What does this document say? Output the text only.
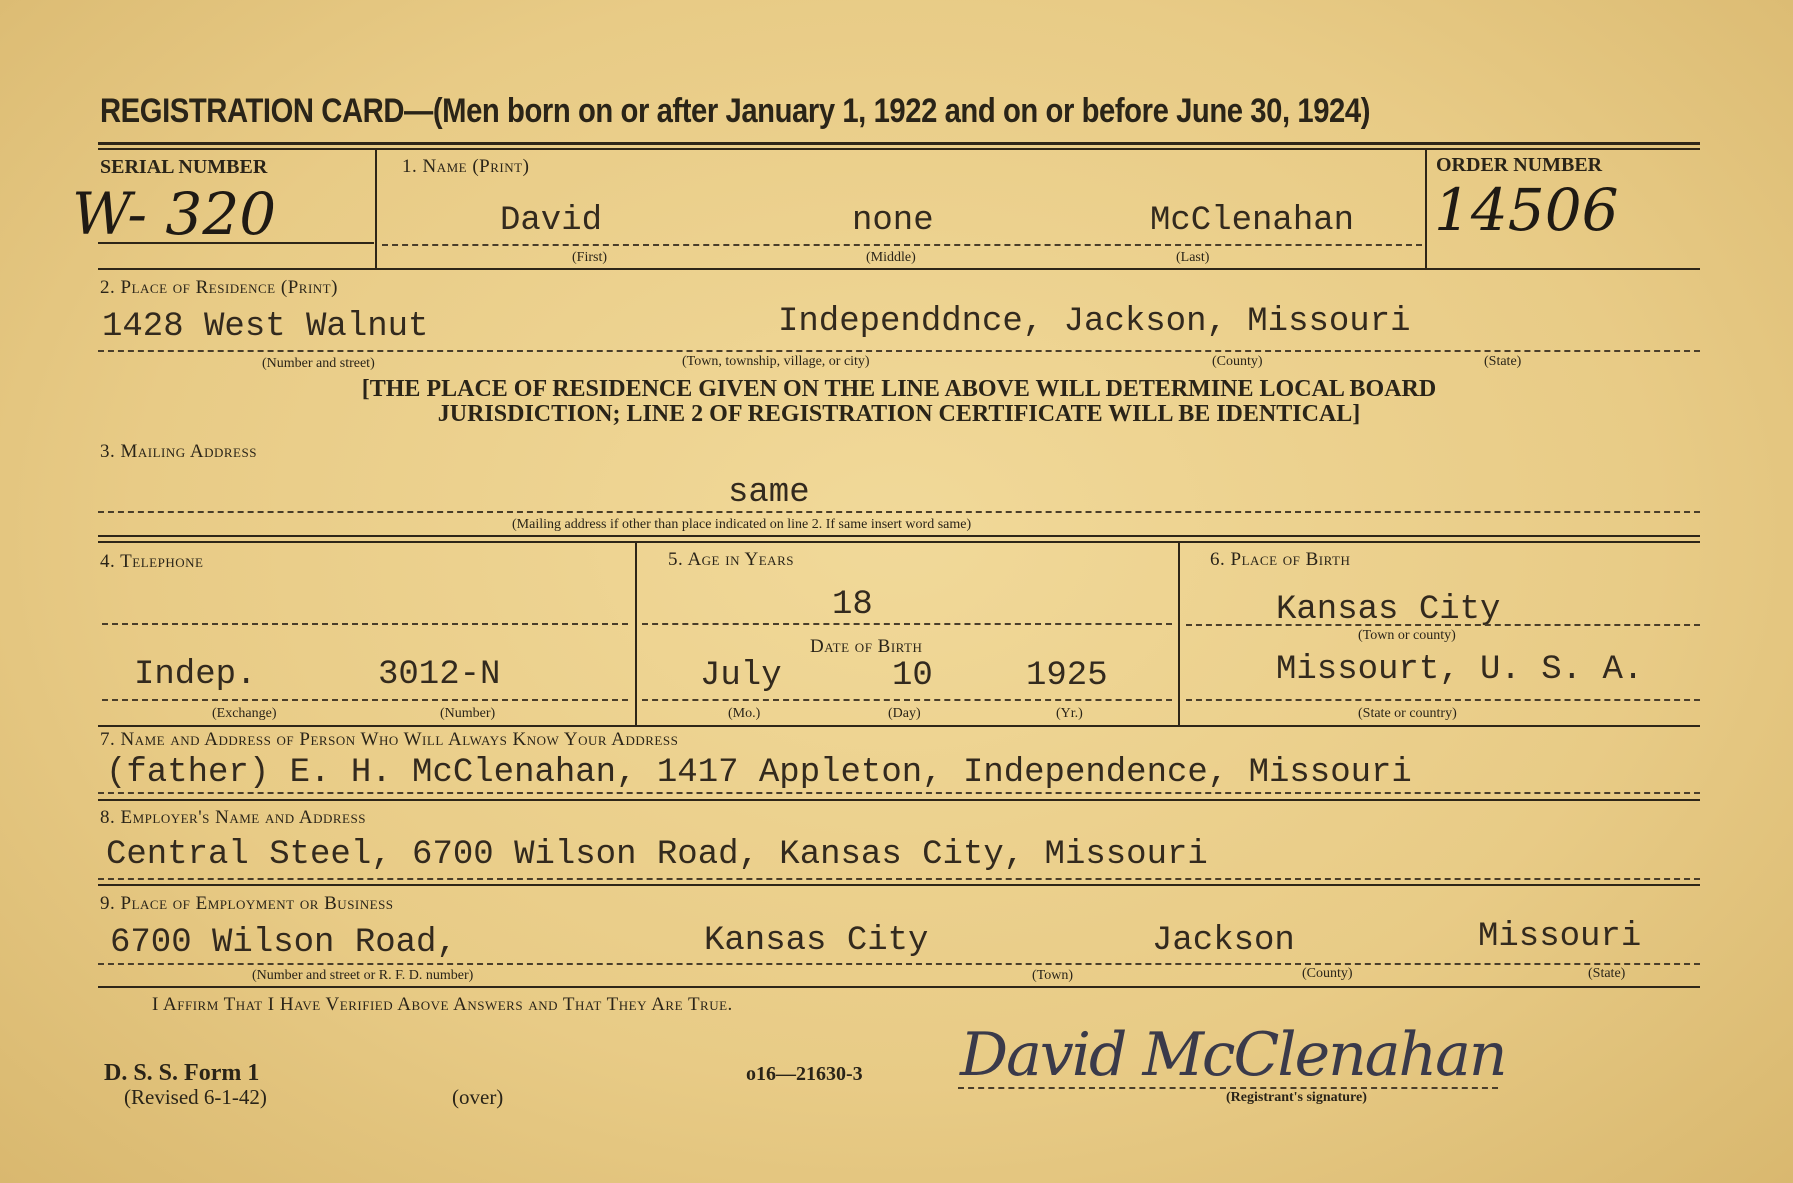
REGISTRATION CARD—(Men born on or after January 1, 1922 and on or before June 30, 1924)
SERIAL NUMBER
W- 320
1. Name (Print)
David	none	McClenahan
(First)	(Middle)	(Last)
ORDER NUMBER
14506
2. Place of Residence (Print)
1428 West Walnut	Independdnce, Jackson, Missouri
(Number and street)	(Town, township, village, or city)	(County)	(State)
[THE PLACE OF RESIDENCE GIVEN ON THE LINE ABOVE WILL DETERMINE LOCAL BOARD
JURISDICTION; LINE 2 OF REGISTRATION CERTIFICATE WILL BE IDENTICAL]
3. Mailing Address
same
(Mailing address if other than place indicated on line 2. If same insert word same)
4. Telephone
Indep.	3012-N
(Exchange)	(Number)
5. Age in Years
18
Date of Birth
July	10	1925
(Mo.)	(Day)	(Yr.)
6. Place of Birth
Kansas City
(Town or county)
Missourt, U. S. A.
(State or country)
7. Name and Address of Person Who Will Always Know Your Address
(father) E. H. McClenahan, 1417 Appleton, Independence, Missouri
8. Employer's Name and Address
Central Steel, 6700 Wilson Road, Kansas City, Missouri
9. Place of Employment or Business
6700 Wilson Road,	Kansas City	Jackson	Missouri
(Number and street or R. F. D. number)	(Town)	(County)	(State)
I Affirm That I Have Verified Above Answers and That They Are True.
D. S. S. Form 1
(Revised 6-1-42)	(over)
o16—21630-3 David McClenahan
(Registrant's signature)
